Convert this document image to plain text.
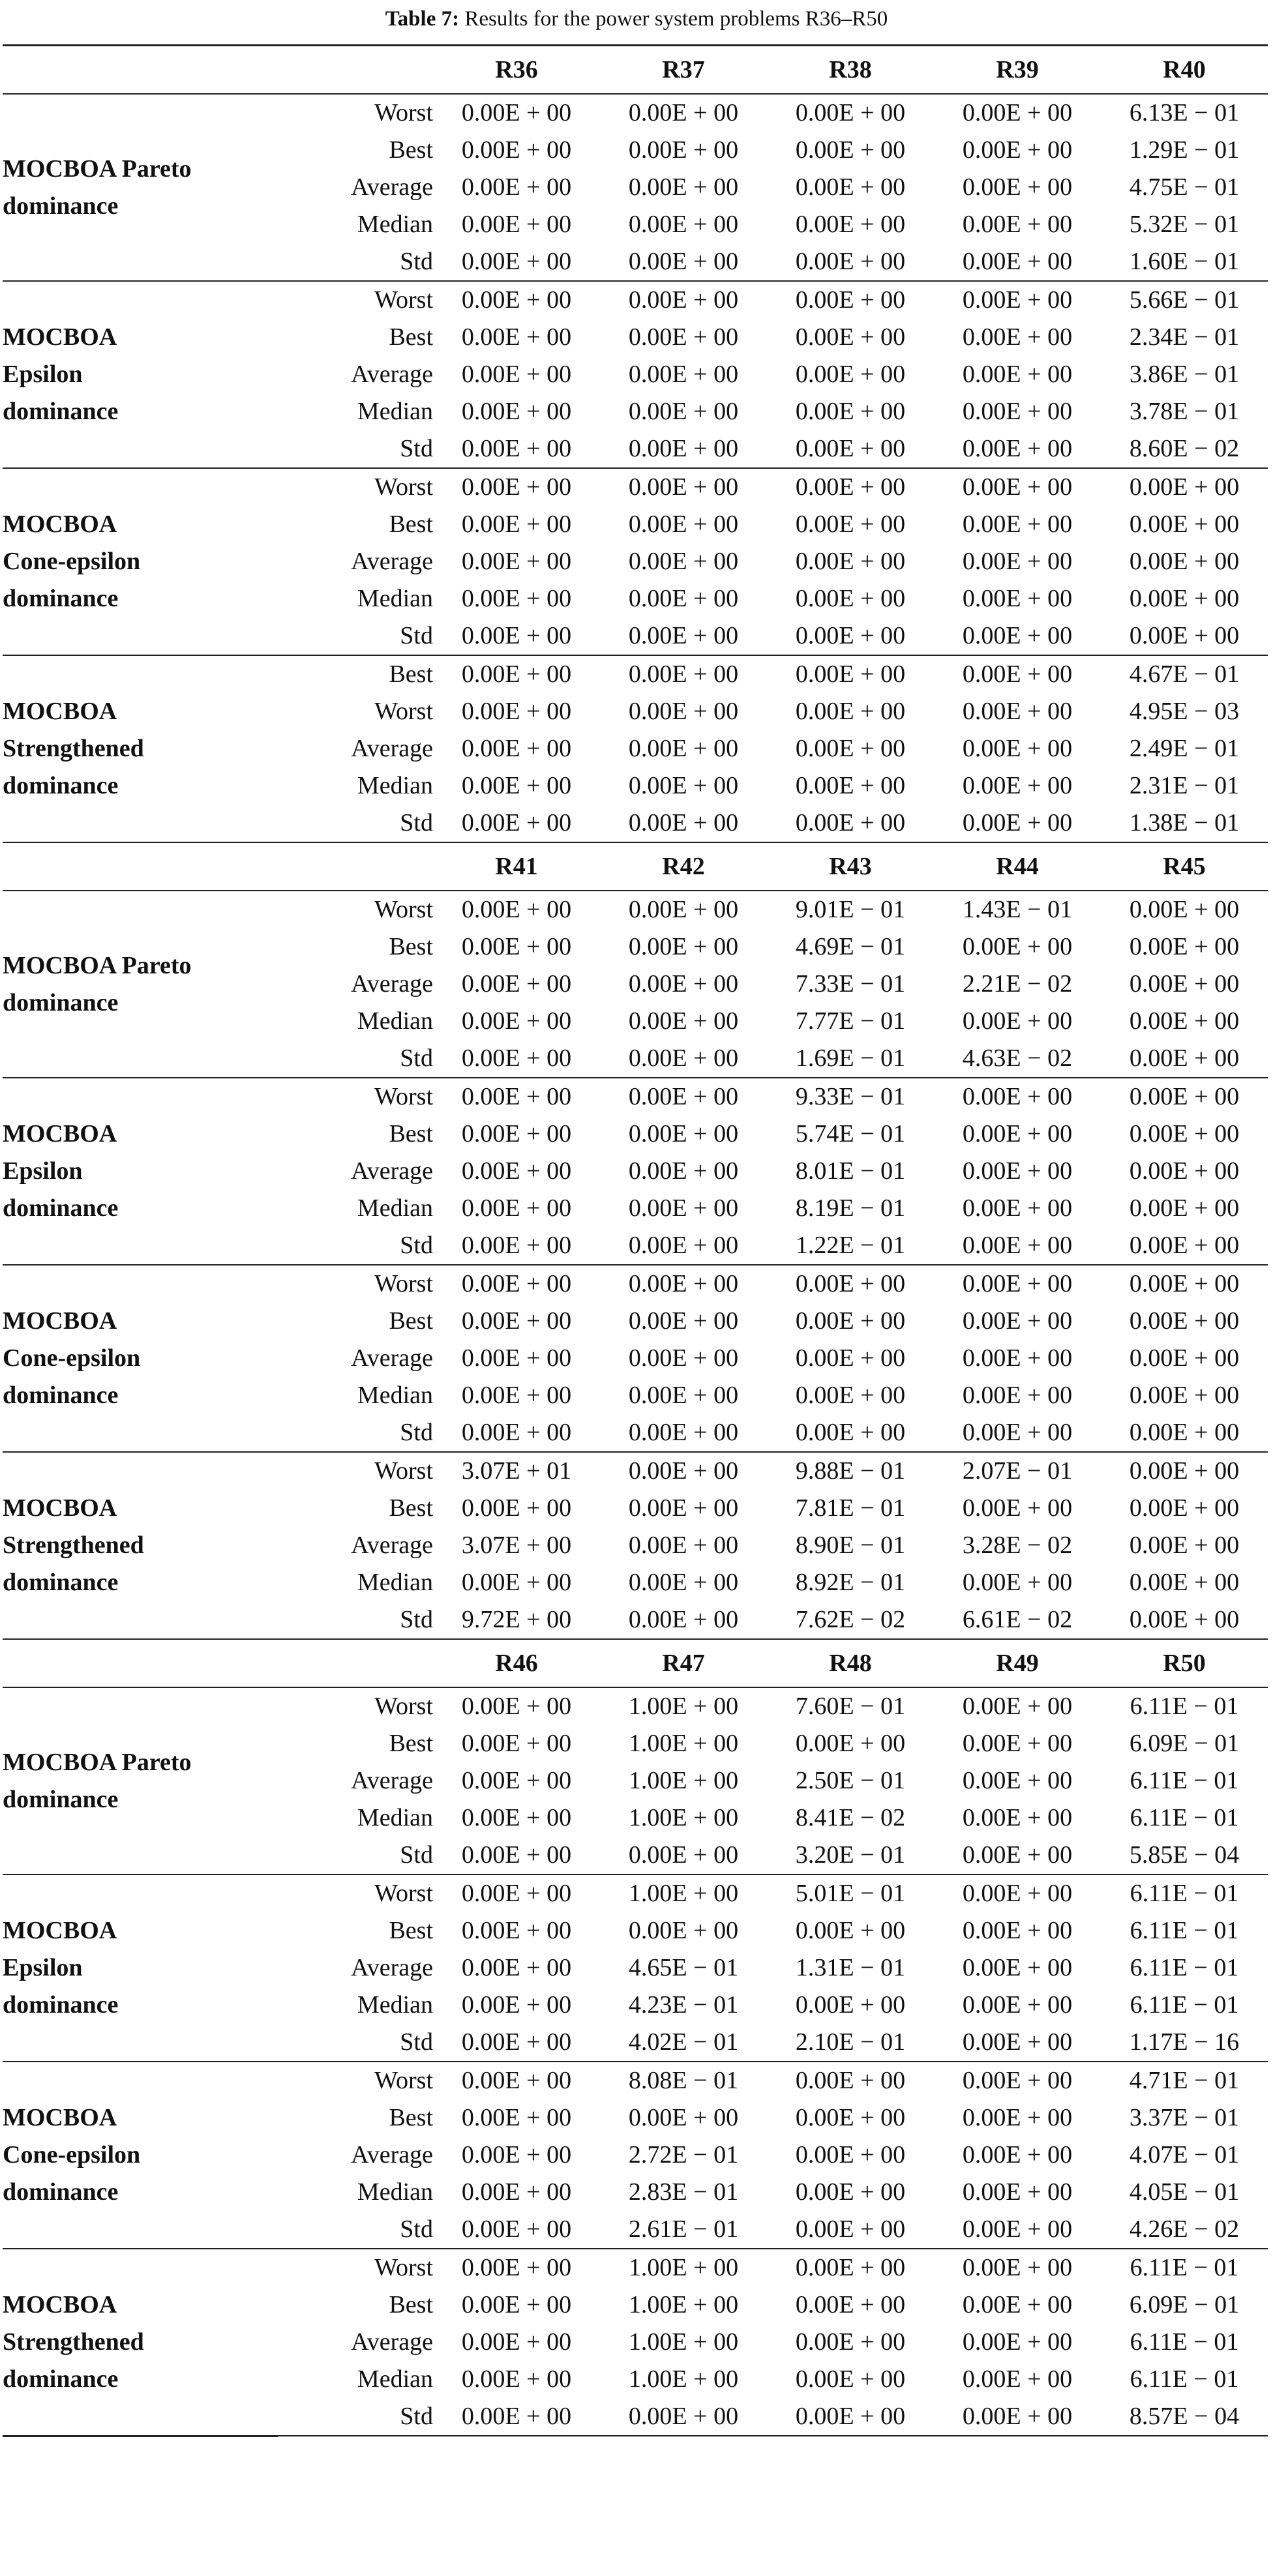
Table 7: Results for the power system problems R36–R50
		R36	R37	R38	R39	R40

MOCBOA Pareto
dominance	Worst	0.00E + 00	0.00E + 00	0.00E + 00	0.00E + 00	6.13E − 01
	Best	0.00E + 00	0.00E + 00	0.00E + 00	0.00E + 00	1.29E − 01
	Average	0.00E + 00	0.00E + 00	0.00E + 00	0.00E + 00	4.75E − 01
	Median	0.00E + 00	0.00E + 00	0.00E + 00	0.00E + 00	5.32E − 01
	Std	0.00E + 00	0.00E + 00	0.00E + 00	0.00E + 00	1.60E − 01

MOCBOA
Epsilon
dominance	Worst	0.00E + 00	0.00E + 00	0.00E + 00	0.00E + 00	5.66E − 01
	Best	0.00E + 00	0.00E + 00	0.00E + 00	0.00E + 00	2.34E − 01
	Average	0.00E + 00	0.00E + 00	0.00E + 00	0.00E + 00	3.86E − 01
	Median	0.00E + 00	0.00E + 00	0.00E + 00	0.00E + 00	3.78E − 01
	Std	0.00E + 00	0.00E + 00	0.00E + 00	0.00E + 00	8.60E − 02

MOCBOA
Cone-epsilon
dominance	Worst	0.00E + 00	0.00E + 00	0.00E + 00	0.00E + 00	0.00E + 00
	Best	0.00E + 00	0.00E + 00	0.00E + 00	0.00E + 00	0.00E + 00
	Average	0.00E + 00	0.00E + 00	0.00E + 00	0.00E + 00	0.00E + 00
	Median	0.00E + 00	0.00E + 00	0.00E + 00	0.00E + 00	0.00E + 00
	Std	0.00E + 00	0.00E + 00	0.00E + 00	0.00E + 00	0.00E + 00

MOCBOA
Strengthened
dominance	Best	0.00E + 00	0.00E + 00	0.00E + 00	0.00E + 00	4.67E − 01
	Worst	0.00E + 00	0.00E + 00	0.00E + 00	0.00E + 00	4.95E − 03
	Average	0.00E + 00	0.00E + 00	0.00E + 00	0.00E + 00	2.49E − 01
	Median	0.00E + 00	0.00E + 00	0.00E + 00	0.00E + 00	2.31E − 01
	Std	0.00E + 00	0.00E + 00	0.00E + 00	0.00E + 00	1.38E − 01
		R41	R42	R43	R44	R45

MOCBOA Pareto
dominance	Worst	0.00E + 00	0.00E + 00	9.01E − 01	1.43E − 01	0.00E + 00
	Best	0.00E + 00	0.00E + 00	4.69E − 01	0.00E + 00	0.00E + 00
	Average	0.00E + 00	0.00E + 00	7.33E − 01	2.21E − 02	0.00E + 00
	Median	0.00E + 00	0.00E + 00	7.77E − 01	0.00E + 00	0.00E + 00
	Std	0.00E + 00	0.00E + 00	1.69E − 01	4.63E − 02	0.00E + 00

MOCBOA
Epsilon
dominance	Worst	0.00E + 00	0.00E + 00	9.33E − 01	0.00E + 00	0.00E + 00
	Best	0.00E + 00	0.00E + 00	5.74E − 01	0.00E + 00	0.00E + 00
	Average	0.00E + 00	0.00E + 00	8.01E − 01	0.00E + 00	0.00E + 00
	Median	0.00E + 00	0.00E + 00	8.19E − 01	0.00E + 00	0.00E + 00
	Std	0.00E + 00	0.00E + 00	1.22E − 01	0.00E + 00	0.00E + 00

MOCBOA
Cone-epsilon
dominance	Worst	0.00E + 00	0.00E + 00	0.00E + 00	0.00E + 00	0.00E + 00
	Best	0.00E + 00	0.00E + 00	0.00E + 00	0.00E + 00	0.00E + 00
	Average	0.00E + 00	0.00E + 00	0.00E + 00	0.00E + 00	0.00E + 00
	Median	0.00E + 00	0.00E + 00	0.00E + 00	0.00E + 00	0.00E + 00
	Std	0.00E + 00	0.00E + 00	0.00E + 00	0.00E + 00	0.00E + 00

MOCBOA
Strengthened
dominance	Worst	3.07E + 01	0.00E + 00	9.88E − 01	2.07E − 01	0.00E + 00
	Best	0.00E + 00	0.00E + 00	7.81E − 01	0.00E + 00	0.00E + 00
	Average	3.07E + 00	0.00E + 00	8.90E − 01	3.28E − 02	0.00E + 00
	Median	0.00E + 00	0.00E + 00	8.92E − 01	0.00E + 00	0.00E + 00
	Std	9.72E + 00	0.00E + 00	7.62E − 02	6.61E − 02	0.00E + 00
		R46	R47	R48	R49	R50

MOCBOA Pareto
dominance	Worst	0.00E + 00	1.00E + 00	7.60E − 01	0.00E + 00	6.11E − 01
	Best	0.00E + 00	1.00E + 00	0.00E + 00	0.00E + 00	6.09E − 01
	Average	0.00E + 00	1.00E + 00	2.50E − 01	0.00E + 00	6.11E − 01
	Median	0.00E + 00	1.00E + 00	8.41E − 02	0.00E + 00	6.11E − 01
	Std	0.00E + 00	0.00E + 00	3.20E − 01	0.00E + 00	5.85E − 04

MOCBOA
Epsilon
dominance	Worst	0.00E + 00	1.00E + 00	5.01E − 01	0.00E + 00	6.11E − 01
	Best	0.00E + 00	0.00E + 00	0.00E + 00	0.00E + 00	6.11E − 01
	Average	0.00E + 00	4.65E − 01	1.31E − 01	0.00E + 00	6.11E − 01
	Median	0.00E + 00	4.23E − 01	0.00E + 00	0.00E + 00	6.11E − 01
	Std	0.00E + 00	4.02E − 01	2.10E − 01	0.00E + 00	1.17E − 16

MOCBOA
Cone-epsilon
dominance	Worst	0.00E + 00	8.08E − 01	0.00E + 00	0.00E + 00	4.71E − 01
	Best	0.00E + 00	0.00E + 00	0.00E + 00	0.00E + 00	3.37E − 01
	Average	0.00E + 00	2.72E − 01	0.00E + 00	0.00E + 00	4.07E − 01
	Median	0.00E + 00	2.83E − 01	0.00E + 00	0.00E + 00	4.05E − 01
	Std	0.00E + 00	2.61E − 01	0.00E + 00	0.00E + 00	4.26E − 02

MOCBOA
Strengthened
dominance	Worst	0.00E + 00	1.00E + 00	0.00E + 00	0.00E + 00	6.11E − 01
	Best	0.00E + 00	1.00E + 00	0.00E + 00	0.00E + 00	6.09E − 01
	Average	0.00E + 00	1.00E + 00	0.00E + 00	0.00E + 00	6.11E − 01
	Median	0.00E + 00	1.00E + 00	0.00E + 00	0.00E + 00	6.11E − 01
	Std	0.00E + 00	0.00E + 00	0.00E + 00	0.00E + 00	8.57E − 04
